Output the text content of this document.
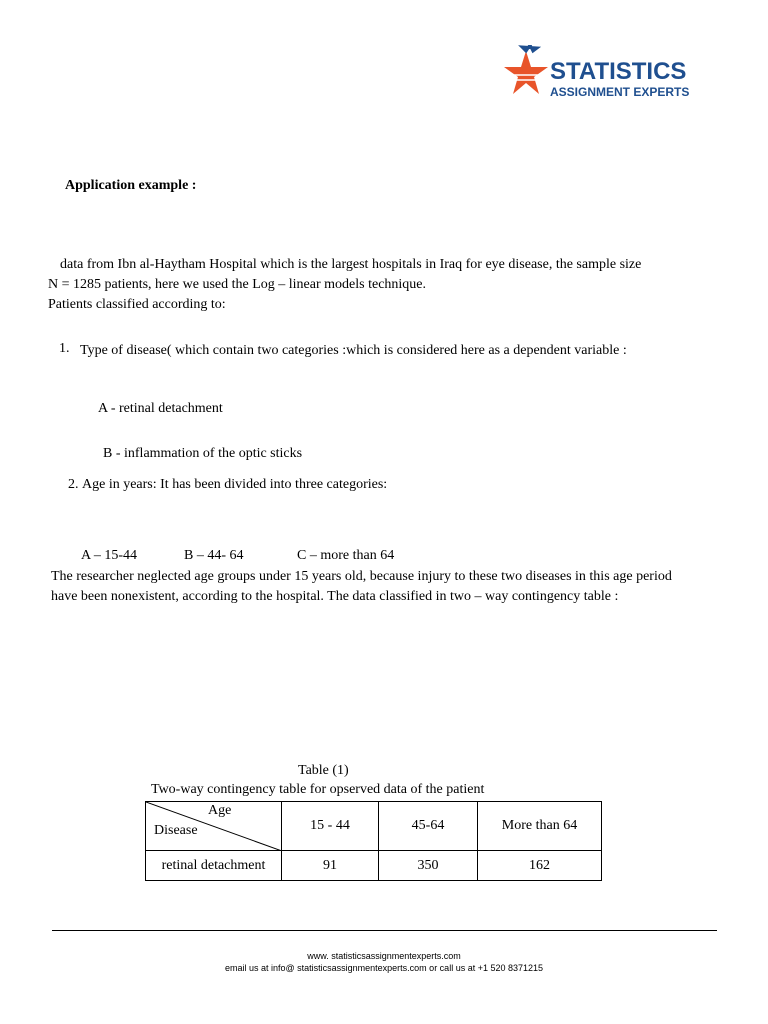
STATISTICS
ASSIGNMENT EXPERTS
Application example :
data from Ibn al-Haytham Hospital which is the largest hospitals in Iraq for eye disease, the sample size
N = 1285 patients, here we used the Log – linear models technique.
Patients classified according to:
1. Type of disease( which contain two categories :which is considered here as a dependent variable :
A - retinal detachment
B - inflammation of the optic sticks
2. Age in years: It has been divided into three categories:
A – 15-44	B – 44- 64	C – more than 64
The researcher neglected age groups under 15 years old, because injury to these two diseases in this age period
have been nonexistent, according to the hospital. The data classified in two – way contingency table :
Table (1)
Two-way contingency table for opserved data of the patient
Age
Disease	15 - 44	45-64	More than 64
retinal detachment	91	350	162
www. statisticsassignmentexperts.com
email us at info@ statisticsassignmentexperts.com or call us at +1 520 8371215
